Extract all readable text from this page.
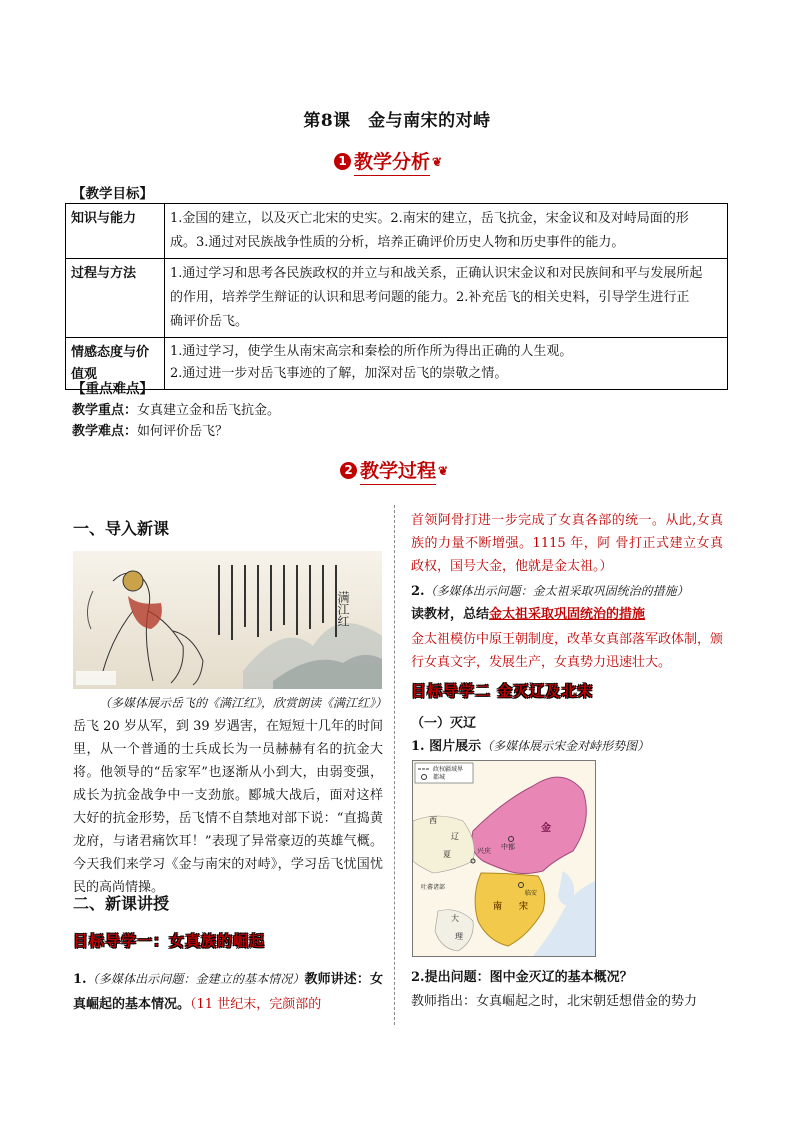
第8课　金与南宋的对峙
1 教学分析 ❦
【教学目标】
知识与能力	1.金国的建立，以及灭亡北宋的史实。2.南宋的建立，岳飞抗金，宋金议和及对峙局面的形
成。3.通过对民族战争性质的分析，培养正确评价历史人物和历史事件的能力。

过程与方法	1.通过学习和思考各民族政权的并立与和战关系，正确认识宋金议和对民族间和平与发展所起
的作用，培养学生辩证的认识和思考问题的能力。2.补充岳飞的相关史料，引导学生进行正
确评价岳飞。

情感态度与价值观	1.通过学习，使学生从南宋高宗和秦桧的所作所为得出正确的人生观。
2.通过进一步对岳飞事迹的了解，加深对岳飞的崇敬之情。
【重点难点】
教学重点：女真建立金和岳飞抗金。
教学难点：如何评价岳飞？
2 教学过程 ❦
一、导入新课
满江红
（多媒体展示岳飞的《满江红》，欣赏朗读《满江红》）岳飞 20 岁从军，到 39 岁遇害，在短短十几年的时间里，从一个普通的士兵成长为一员赫赫有名的抗金大将。他领导的“岳家军”也逐渐从小到大，由弱变强，成长为抗金战争中一支劲旅。郾城大战后，面对这样大好的抗金形势，岳飞情不自禁地对部下说：“直捣黄龙府，与诸君痛饮耳！”表现了异常豪迈的英雄气概。今天我们来学习《金与南宋的对峙》，学习岳飞忧国忧民的高尚情操。
二、新课讲授
目标导学一：女真族的崛起
1.（多媒体出示问题：金建立的基本情况）教师讲述：女真崛起的基本情况。（11 世纪末，完颜部的
首领阿骨打进一步完成了女真各部的统一。从此,女真族的力量不断增强。1115 年，阿 骨打正式建立女真政权，国号大金，他就是金太祖。）
2.（多媒体出示问题：金太祖采取巩固统治的措施）
读教材，总结金太祖采取巩固统治的措施
金太祖模仿中原王朝制度，改革女真部落军政体制，颁行女真文字，发展生产，女真势力迅速壮大。
目标导学二 金灭辽及北宋
（一）灭辽
1. 图片展示（多媒体展示宋金对峙形势图）
政权疆域界
都城
西
辽
夏	兴庆
金
中都
吐蕃诸部
南 宋
临安
大
理
2.提出问题：图中金灭辽的基本概况？
教师指出：女真崛起之时，北宋朝廷想借金的势力
